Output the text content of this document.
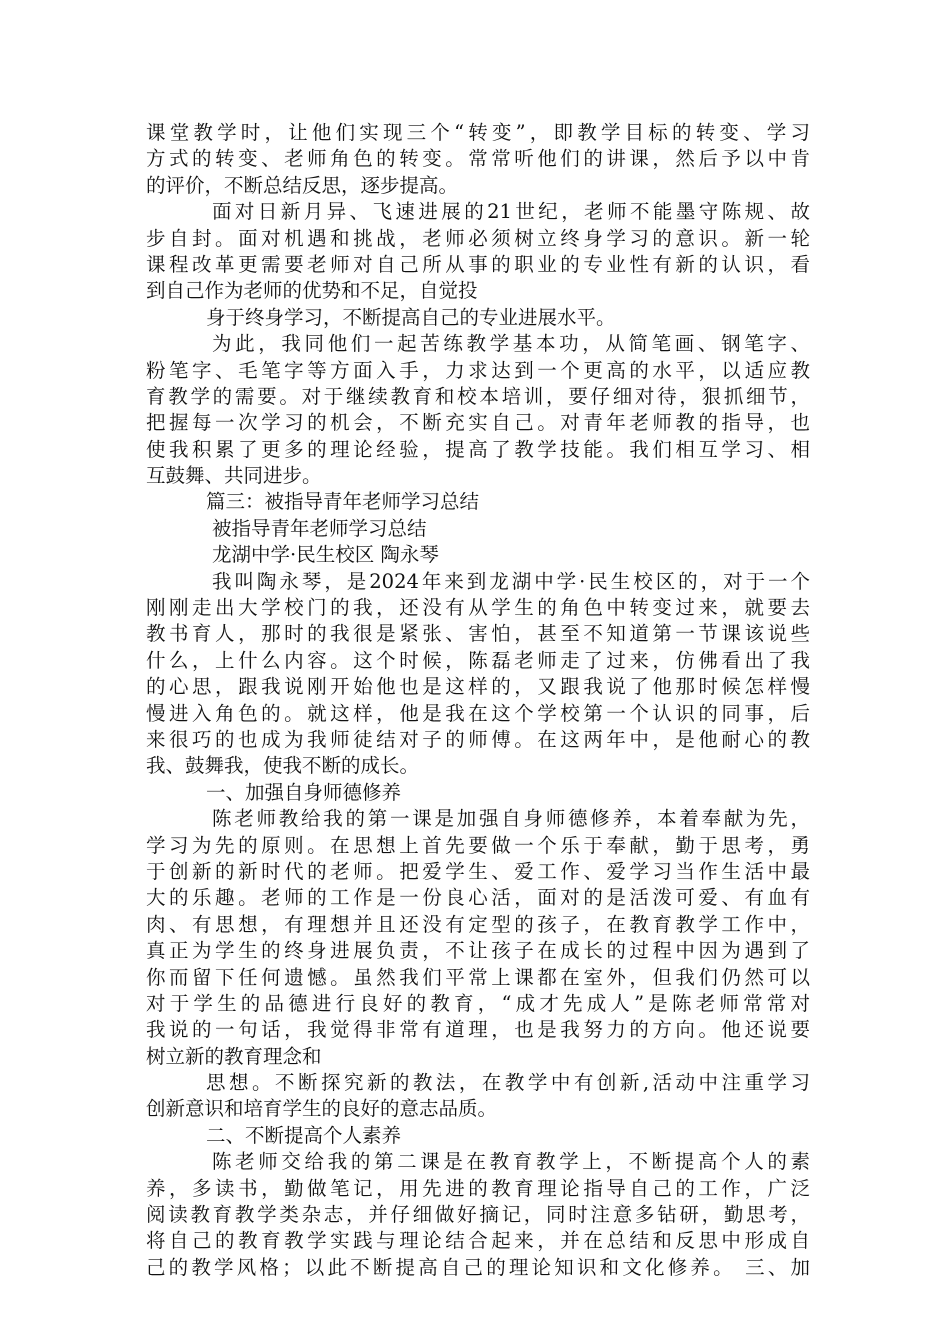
课堂教学时，让他们实现三个“转变”，即教学目标的转变、学习
方式的转变、老师角色的转变。常常听他们的讲课，然后予以中肯
的评价，不断总结反思，逐步提高。
面对日新月异、飞速进展的21世纪，老师不能墨守陈规、故
步自封。面对机遇和挑战，老师必须树立终身学习的意识。新一轮
课程改革更需要老师对自己所从事的职业的专业性有新的认识，看
到自己作为老师的优势和不足，自觉投
身于终身学习，不断提高自己的专业进展水平。
为此，我同他们一起苦练教学基本功，从简笔画、钢笔字、
粉笔字、毛笔字等方面入手，力求达到一个更高的水平，以适应教
育教学的需要。对于继续教育和校本培训，要仔细对待，狠抓细节，
把握每一次学习的机会，不断充实自己。对青年老师教的指导，也
使我积累了更多的理论经验，提高了教学技能。我们相互学习、相
互鼓舞、共同进步。
篇三：被指导青年老师学习总结
被指导青年老师学习总结
龙湖中学·民生校区 陶永琴
我叫陶永琴，是2024年来到龙湖中学·民生校区的，对于一个
刚刚走出大学校门的我，还没有从学生的角色中转变过来，就要去
教书育人，那时的我很是紧张、害怕，甚至不知道第一节课该说些
什么，上什么内容。这个时候，陈磊老师走了过来，仿佛看出了我
的心思，跟我说刚开始他也是这样的，又跟我说了他那时候怎样慢
慢进入角色的。就这样，他是我在这个学校第一个认识的同事，后
来很巧的也成为我师徒结对子的师傅。在这两年中，是他耐心的教
我、鼓舞我，使我不断的成长。
一、加强自身师德修养
陈老师教给我的第一课是加强自身师德修养，本着奉献为先，
学习为先的原则。在思想上首先要做一个乐于奉献，勤于思考，勇
于创新的新时代的老师。把爱学生、爱工作、爱学习当作生活中最
大的乐趣。老师的工作是一份良心活，面对的是活泼可爱、有血有
肉、有思想，有理想并且还没有定型的孩子，在教育教学工作中，
真正为学生的终身进展负责，不让孩子在成长的过程中因为遇到了
你而留下任何遗憾。虽然我们平常上课都在室外，但我们仍然可以
对于学生的品德进行良好的教育，“成才先成人”是陈老师常常对
我说的一句话，我觉得非常有道理，也是我努力的方向。他还说要
树立新的教育理念和
思想。不断探究新的教法，在教学中有创新,活动中注重学习
创新意识和培育学生的良好的意志品质。
二、不断提高个人素养
陈老师交给我的第二课是在教育教学上，不断提高个人的素
养，多读书，勤做笔记，用先进的教育理论指导自己的工作，广泛
阅读教育教学类杂志，并仔细做好摘记，同时注意多钻研，勤思考，
将自己的教育教学实践与理论结合起来，并在总结和反思中形成自
己的教学风格；以此不断提高自己的理论知识和文化修养。 三、加
